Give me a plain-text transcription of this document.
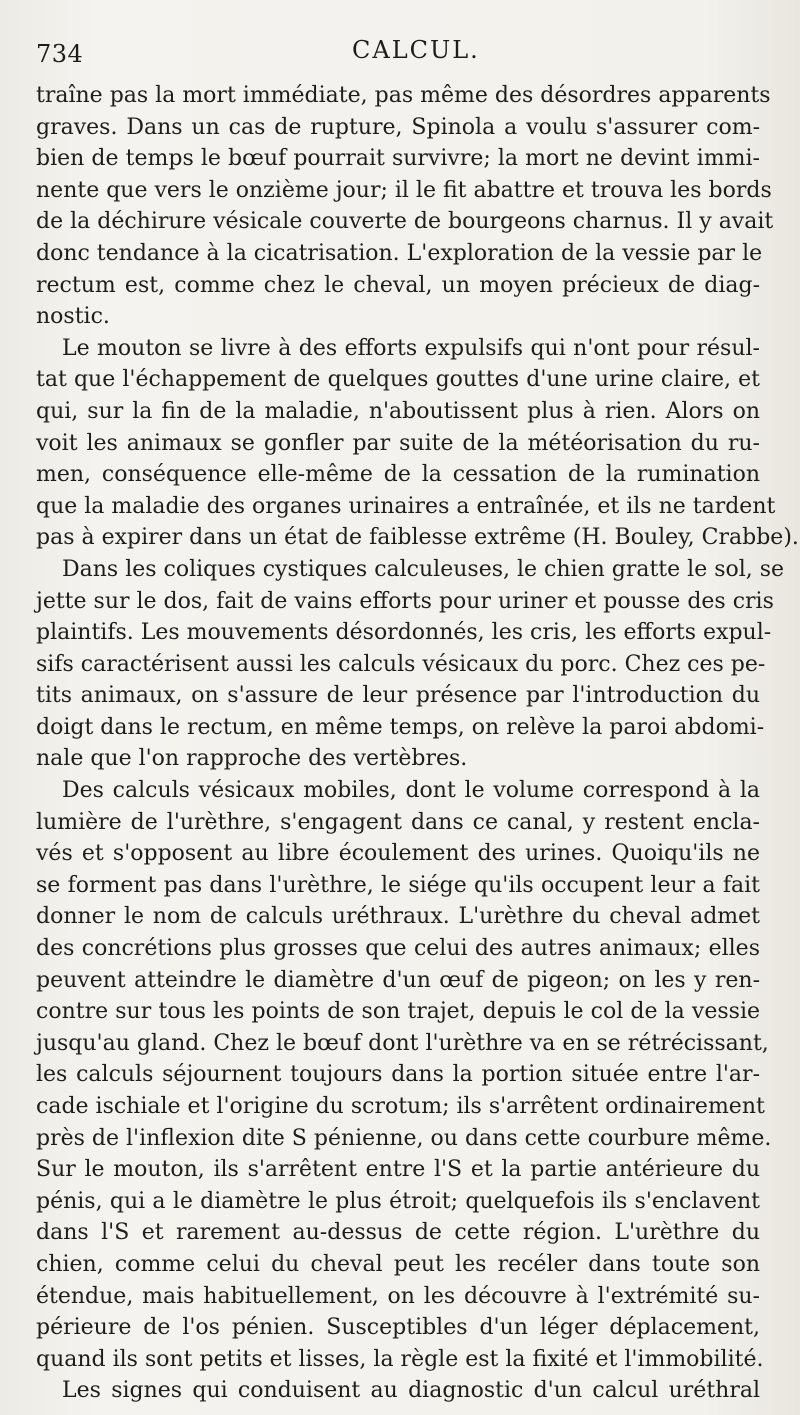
734	CALCUL.
traîne pas la mort immédiate, pas même des désordres apparents
graves. Dans un cas de rupture, Spinola a voulu s'assurer com-
bien de temps le bœuf pourrait survivre; la mort ne devint immi-
nente que vers le onzième jour; il le fit abattre et trouva les bords
de la déchirure vésicale couverte de bourgeons charnus. Il y avait
donc tendance à la cicatrisation. L'exploration de la vessie par le
rectum est, comme chez le cheval, un moyen précieux de diag-
nostic.
Le mouton se livre à des efforts expulsifs qui n'ont pour résul-
tat que l'échappement de quelques gouttes d'une urine claire, et
qui, sur la fin de la maladie, n'aboutissent plus à rien. Alors on
voit les animaux se gonfler par suite de la météorisation du ru-
men, conséquence elle-même de la cessation de la rumination
que la maladie des organes urinaires a entraînée, et ils ne tardent
pas à expirer dans un état de faiblesse extrême (H. Bouley, Crabbe).
Dans les coliques cystiques calculeuses, le chien gratte le sol, se
jette sur le dos, fait de vains efforts pour uriner et pousse des cris
plaintifs. Les mouvements désordonnés, les cris, les efforts expul-
sifs caractérisent aussi les calculs vésicaux du porc. Chez ces pe-
tits animaux, on s'assure de leur présence par l'introduction du
doigt dans le rectum, en même temps, on relève la paroi abdomi-
nale que l'on rapproche des vertèbres.
Des calculs vésicaux mobiles, dont le volume correspond à la
lumière de l'urèthre, s'engagent dans ce canal, y restent encla-
vés et s'opposent au libre écoulement des urines. Quoiqu'ils ne
se forment pas dans l'urèthre, le siége qu'ils occupent leur a fait
donner le nom de calculs uréthraux. L'urèthre du cheval admet
des concrétions plus grosses que celui des autres animaux; elles
peuvent atteindre le diamètre d'un œuf de pigeon; on les y ren-
contre sur tous les points de son trajet, depuis le col de la vessie
jusqu'au gland. Chez le bœuf dont l'urèthre va en se rétrécissant,
les calculs séjournent toujours dans la portion située entre l'ar-
cade ischiale et l'origine du scrotum; ils s'arrêtent ordinairement
près de l'inflexion dite S pénienne, ou dans cette courbure même.
Sur le mouton, ils s'arrêtent entre l'S et la partie antérieure du
pénis, qui a le diamètre le plus étroit; quelquefois ils s'enclavent
dans l'S et rarement au-dessus de cette région. L'urèthre du
chien, comme celui du cheval peut les recéler dans toute son
étendue, mais habituellement, on les découvre à l'extrémité su-
périeure de l'os pénien. Susceptibles d'un léger déplacement,
quand ils sont petits et lisses, la règle est la fixité et l'immobilité.
Les signes qui conduisent au diagnostic d'un calcul uréthral
